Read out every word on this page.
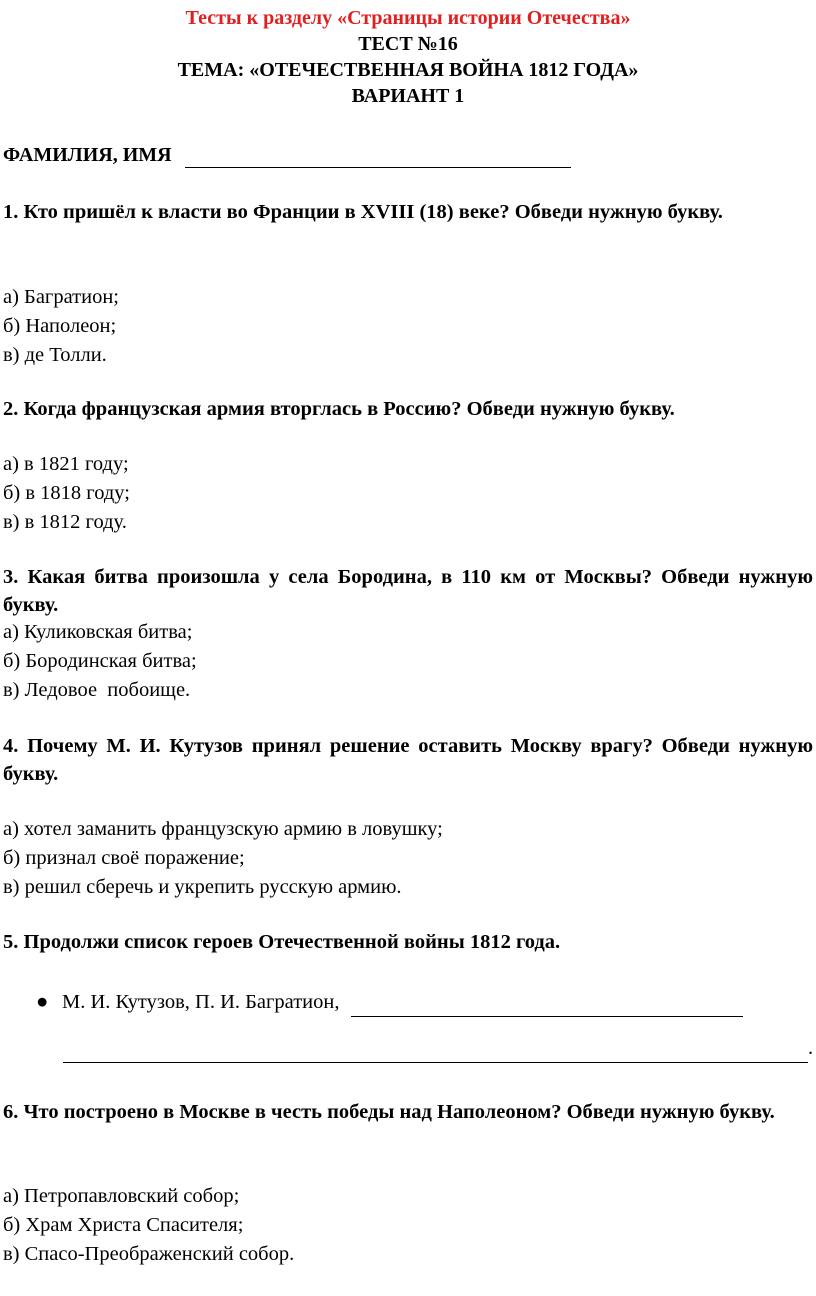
Тесты к разделу «Страницы истории Отечества»
ТЕСТ №16
ТЕМА: «ОТЕЧЕСТВЕННАЯ ВОЙНА 1812 ГОДА»
ВАРИАНТ 1
ФАМИЛИЯ, ИМЯ
1. Кто пришёл к власти во Франции в XVIII (18) веке? Обведи нужную букву.
а) Багратион;
б) Наполеон;
в) де Толли.
2. Когда французская армия вторглась в Россию? Обведи нужную букву.
а) в 1821 году;
б) в 1818 году;
в) в 1812 году.
3. Какая битва произошла у села Бородина, в 110 км от Москвы? Обведи нужную букву.
а) Куликовская битва;
б) Бородинская битва;
в) Ледовое  побоище.
4. Почему М. И. Кутузов принял решение оставить Москву врагу? Обведи нужную букву.
а) хотел заманить французскую армию в ловушку;
б) признал своё поражение;
в) решил сберечь и укрепить русскую армию.
5. Продолжи список героев Отечественной войны 1812 года.
● М. И. Кутузов, П. И. Багратион,
.
6. Что построено в Москве в честь победы над Наполеоном? Обведи нужную букву.
а) Петропавловский собор;
б) Храм Христа Спасителя;
в) Спасо-Преображенский собор.
